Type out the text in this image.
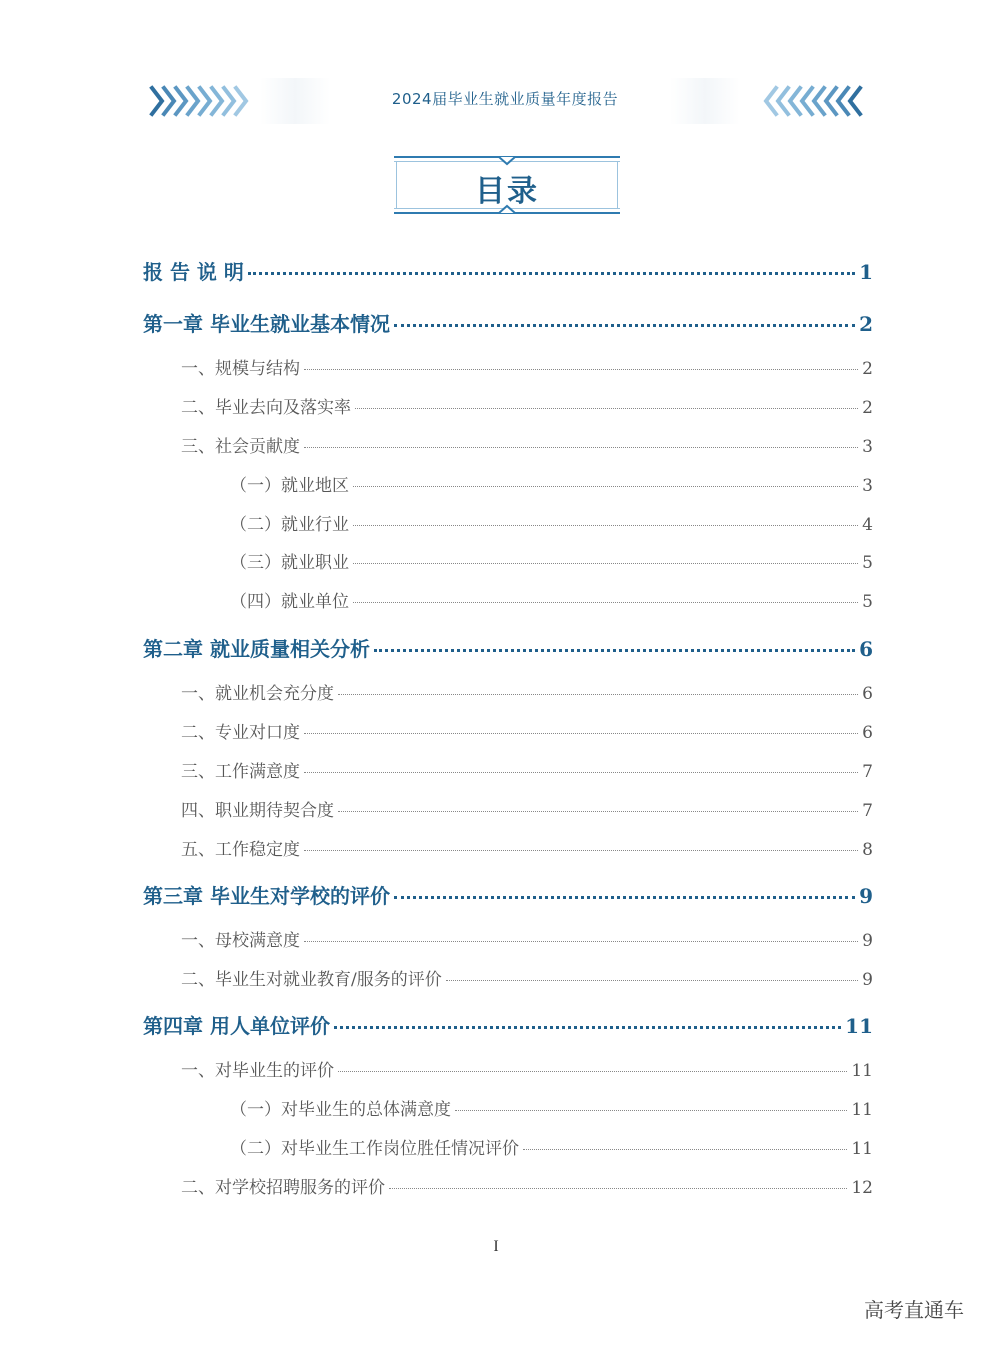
2024届毕业生就业质量年度报告
目录
报 告 说 明	1
第一章 毕业生就业基本情况	2
一、规模与结构	2
二、毕业去向及落实率	2
三、社会贡献度	3
（一）就业地区	3
（二）就业行业	4
（三）就业职业	5
（四）就业单位	5
第二章 就业质量相关分析	6
一、就业机会充分度	6
二、专业对口度	6
三、工作满意度	7
四、职业期待契合度	7
五、工作稳定度	8
第三章 毕业生对学校的评价	9
一、母校满意度	9
二、毕业生对就业教育/服务的评价	9
第四章 用人单位评价	11
一、对毕业生的评价	11
（一）对毕业生的总体满意度	11
（二）对毕业生工作岗位胜任情况评价	11
二、对学校招聘服务的评价	12
I
高考直通车
